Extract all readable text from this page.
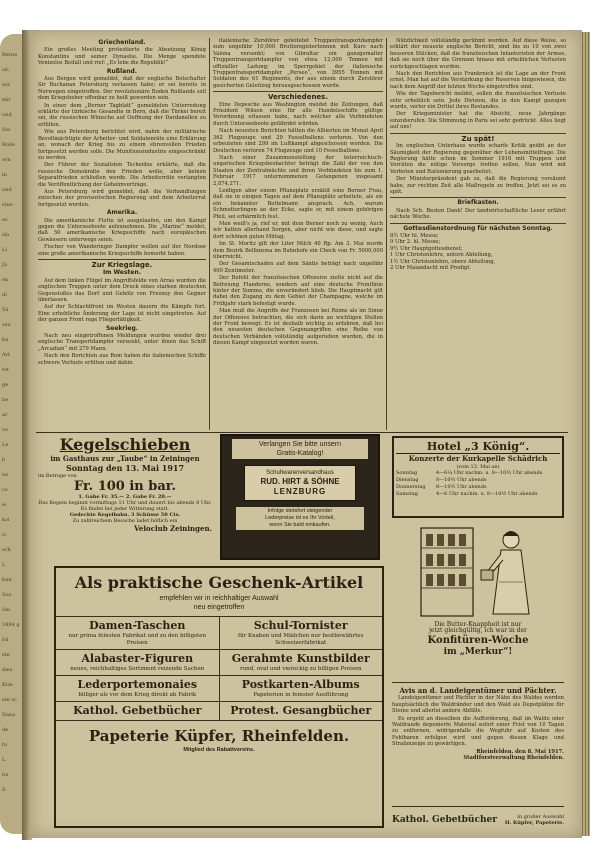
Berne
ist,
wir
mir
und
Sto
Rolle
ern
in
und
eine
es
sla
Li
Ja
en
di
Sü
seu
bu
Art
tet
ge
be
ar
vo
Le
b
ne
co
ei
kol
ic
sch
L
bun
Soo
Ian
1884 g
fol
ein
dies
Krie
ein sc
Dana
de
tu
L
nu
S
Griechenland.

Ein großes Meeting protestierte die Absetzung König Konstantins und seiner Dynastie. Die Menge spendete Venizelos Beifall und rief: „Es lebe die Republik!“

Rußland.

Aus Bergen wird gemeldet, daß der englische Botschafter Sir Buchanan Petersburg verlassen habe; er sei bereits in Norwegen eingetroffen. Der revolutionäre Boden Rußlands soll dem Kriegsheber offenbar zu heiß geworden sein.

In einer dem „Berner Tagblatt“ gemeldeten Unterredung erklärte der türkische Gesandte in Bern, daß die Türkei bereit sei, die russischen Wünsche auf Oeffnung der Dardanellen zu erfüllen.

Wie aus Petersburg berichtet wird, nahm der militärische Bevollmächtigte der Arbeiter- und Soldatenräte eine Erklärung an, wonach der Krieg bis zu einem ehrenvollen Frieden fortgesetzt werden solle. Die Munitionsindustrie eingeschränkt zu werden.

Der Führer der Sozialisten Tscheidse erklärte, daß die russische Demokratie den Frieden wolle, aber keinen Separatfrieden schließen werde. Die Arbeiterräte verlangten die Veröffentlichung der Geheimverträge.

Aus Petersburg wird gemeldet, daß die Verhandlungen zwischen der provisorischen Regierung und dem Arbeiterrat fortgesetzt werden.

Amerika.

Die amerikanische Flotte ist ausgelaufen, um den Kampf gegen die Unterseeboote aufzunehmen. Die „Marine“ meldet, daß 50 amerikanische Kriegsschiffe nach europäischen Gewässern unterwegs seien.

Fischer von Wanderinger Dampfer wollen auf der Nordsee eine große amerikanische Kriegsschiffe bemerkt haben.

Zur Kriegslage.
Im Westen.

Auf dem linken Flügel im Angriffsfelde von Arras wurden die englischen Truppen unter dem Druck eines starken deutschen Gegenstoßes das Dorf und Gehölz von Fresnoy den Gegner überlassen.

Auf der Schlachtfront im Westen dauern die Kämpfe fort. Eine erhebliche Änderung der Lage ist nicht eingetreten. Auf der ganzen Front rege Fliegertätigkeit.

Seekrieg.

Nach neu eingetroffenen Meldungen wurden wieder drei englische Transportdampfer versenkt, unter ihnen das Schiff „Arcadian“ mit 279 Mann.

Nach den Berichten aus Rom haben die italienischen Schiffe schwere Verluste erlitten und dahin.

italienische Zerstörer geleitetet Truppentransportdampfer zum ungefähr 10,000 Bruttoregistertonnen mit Kurs nach Valona versenkt; von Gibraltar ein ganzgemalter Truppentransportdampfer von etwa 12,000 Tonnen mit offizieller Ladung; im Sperrgebiet der italienische Truppentransportdampfer „Perseo“, von 3955 Tonnen mit Soldaten des 61 Regiments, der aus einem durch Zerstörer gesicherten Geleitzug herausgeschossen wurde.

Verschiedenes.

Eine Depesche aus Washington meldet die Zeitungen, daß Präsident Wilson eine für alle Handelsschiffe gültige Verordnung erlassen habe, nach welcher alle Verbündeten durch Unterseeboote gefährdet würden.

Nach neuesten Berichten hätten die Alliierten im Monat April 362 Flugzeuge und 29 Fesselballone verloren. Von den erbeuteten sind 299 im Luftkampf abgeschossen worden. Die Deutschen verloren 74 Flugzeuge und 10 Fesselballone.

Nach einer Zusammenstellung der österreichisch-ungarischen Kriegsbeobachter beträgt die Zahl der von den Staaten der Zentralmächte und ihren Verbündeten bis zum 1. Februar 1917 unternommenen Gefangenen insgesamt 2,874,271.

Leidigen aber einem Pflanzplatz erzählt eine Berner Frau, daß sie in einigen Tagen auf dem Pflanzplätz arbeitete, als sie ein bekannter Bettelmann ansprach. Ach, warum Schmetterlingen an der Ecke, sagte er, mit einem gehörigen Pfeil, sei erbärmlich fest.

Man weiß's ja, rief er, mit dem Berner noch zu wenig. Auch wir hatten allerhand Sorgen, aber nicht wie diese, und sagte dort schönen guten Mittag.

Im St. Moritz gilt der Liter Milch 40 Rp. Am 3. Mai wurde dem Bezirk Bellinzona im Bahnhofe ein Check von Fr. 5000,000 überreicht.

Der Gesamtschaden auf dem Säntis beträgt nach ungefähr 400 Zentimeter.

Der Befehl der französischen Offensive zielte nicht auf die Befreiung Flanderns, sondern auf eine deutsche Frontlinie hinter der Somme, die unverändert blieb. Die Hauptmacht gilt dabei den Zugang zu dem Gebiet der Champagne, welche im Frühjahr stark befestigt wurde.

Man muß die Angriffe der Franzosen bei Reims als im Sinne der Offensive betrachten, die sich darin an wichtigen Stellen der Front bewegt. Es ist deshalb wichtig zu erfahren, daß bei den neuesten deutschen Gegenangriffen eine Reihe von deutschen Verbänden vollständig aufgerieben wurden, die in diesen Kampf eingesetzt worden waren.

Nützlichkeit vollständig gerühmt worden. Auf diese Weise, so erklärt der neueste englische Bericht, sind bis zu 10 von zwei besseren Stücken, daß die französischen Infanteristen der Armee, daß sie noch über die Grenzen hinaus mit erheblichen Verlusten zurückgeschlagen wurden.

Nach den Berichten aus Frankreich ist die Lage an der Front ernst. Man hat auf die Verstärkung der Reserven hingewiesen, die nach dem Angriff der letzten Woche eingetroffen sind.

Wie der Tagebericht meldet, sollen die französischen Verluste sehr erheblich sein. Jede Division, die in den Kampf gezogen wurde, verlor ein Drittel ihres Bestandes.

Der Kriegsminister hat die Absicht, neue Jahrgänge einzuberufen. Die Stimmung in Paris sei sehr gedrückt. Alles liegt auf uns!

Zu spät!

Im englischen Unterhaus wurde scharfe Kritik geübt an der Säumigkeit der Regierung gegenüber der Lebensmittelfrage. Die Regierung hätte schon im Sommer 1916 mit Truppen und Vorräten die nötige Vorsorge treffen sollen. Nun wird mit Verboten und Rationierung gearbeitet.

Der Ministerpräsident gab zu, daß die Regierung versäumt habe, zur rechten Zeit alle Maßregeln zu treffen. Jetzt sei es zu spät.

Briefkasten.

Nach Sch. Besten Dank! Der landwirtschaftliche Leser erfährt nächste Woche.

Gottesdienstordnung für nächsten Sonntag.
8½ Uhr hl. Messe;
9 Uhr 2. hl. Messe;
9½ Uhr Hauptgottesdienst;
1 Uhr Christenlehre, untere Abteilung,
1½ Uhr Christenlehre, obere Abteilung,
2 Uhr Maiandacht mit Predigt.
Kegelschieben
im Gasthaus zur „Taube“ in Zeiningen
Sonntag den 13. Mai 1917
im Betrage von
Fr. 100 in bar.
1. Gabe Fr. 35.— 2. Gabe Fr. 20.—
Das Kegeln beginnt vormittags 11 Uhr und dauert bis abends 8 Uhr. Es findet bei jeder Witterung statt.
Gedeckte Kegelbahn. 3 Schüsse 50 Cts.
Zu zahlreichem Besuche ladet höflich ein
Veloclub Zeiningen.
Verlangen Sie bitte unsern
Gratis-Katalog!
Schuhwarenversandhaus
RUD. HIRT & SÖHNE
LENZBURG
Infolge stetsfort steigender
Lederpreise ist es Ihr Vorteil,
wenn Sie bald einkaufen.
Hotel „3 König“.
Konzerte der Kurkapelle Schädrich
(vom 13. Mai an)
Sonntag	4—6¼ Uhr nachm. u. 8—10½ Uhr abends
Dienstag	8—10½ Uhr abends
Donnerstag	8—10½ Uhr abends
Samstag	4—6 Uhr nachm. u. 8—10½ Uhr abends
Die Butter-Knappheit ist nur
jetzt gleichgültig, ich war in der
Konfitüren-Woche
im „Merkur“!
Avis an d. Landeigentümer und Pächter.

Landeigentümer und Pächter in der Nähe des Waldes werden hauptsächlich die Waldränder und den Wald als Depotplätze für Steine und allerlei andere Abfälle.

Es ergeht an dieselben die Aufforderung, daß im Walde oder Waldrande deponierte Material sofort einer Frist von 10 Tagen zu entfernen, widrigenfalls die Wegfuhr auf Kosten des Fehlbaren erfolgen wird und gegen diesen Klage und Strafanzeige zu gewärtigen.

Rheinfelden, den 8. Mai 1917.
Stadtforstverwaltung Rheinfelden.
Kathol. Gebetbücher	in großer Auswahl
H. Küpfer, Papeterie.
Als praktische Geschenk-Artikel
empfehlen wir in reichhaltiger Auswahl
neu eingetroffen
Damen-Taschen
nur prima feinsten Fabrikat und zu den billigsten Preisen
Schul-Tornister
für Knaben und Mädchen nur bestbewährtes Schweizerfabrikat
Alabaster-Figuren
neues, reichhaltiges Sortiment reizende Sachen
Gerahmte Kunstbilder
rund, oval und viereckig zu billigen Preisen
Lederportemonaies
billiger als vor dem Krieg direkt ab Fabrik
Postkarten-Albums
Papeterien in feinster Ausführung
Kathol. Gebetbücher	Protest. Gesangbücher
Papeterie Küpfer, Rheinfelden.
Mitglied des Rabattvereins.
